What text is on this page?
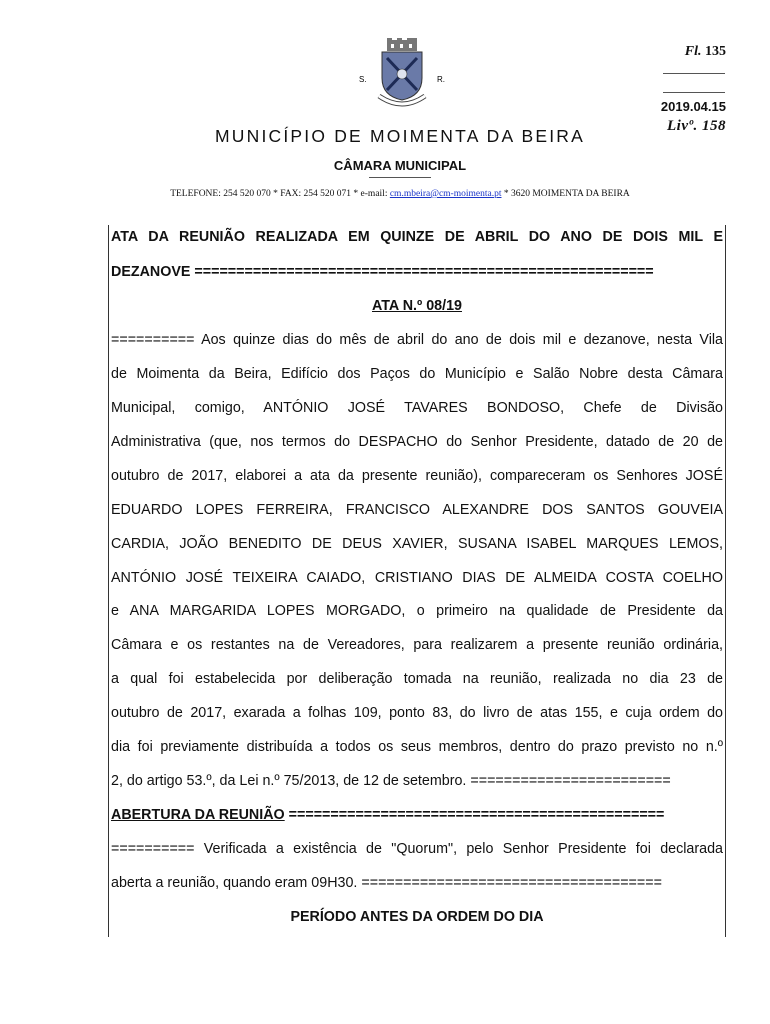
S.	R.
Fl. 135
2019.04.15
Livº. 158
MUNICÍPIO DE MOIMENTA DA BEIRA
CÂMARA MUNICIPAL
TELEFONE: 254 520 070 * FAX: 254 520 071 * e-mail: cm.mbeira@cm-moimenta.pt * 3620 MOIMENTA DA BEIRA
ATA DA REUNIÃO REALIZADA EM QUINZE DE ABRIL DO ANO DE DOIS MIL E
DEZANOVE =======================================================
ATA N.º 08/19
========== Aos quinze dias do mês de abril do ano de dois mil e dezanove, nesta Vila
de Moimenta da Beira, Edifício dos Paços do Município e Salão Nobre desta Câmara
Municipal, comigo, ANTÓNIO JOSÉ TAVARES BONDOSO, Chefe de Divisão
Administrativa (que, nos termos do DESPACHO do Senhor Presidente, datado de 20 de
outubro de 2017, elaborei a ata da presente reunião), compareceram os Senhores JOSÉ
EDUARDO LOPES FERREIRA, FRANCISCO ALEXANDRE DOS SANTOS GOUVEIA
CARDIA, JOÃO BENEDITO DE DEUS XAVIER, SUSANA ISABEL MARQUES LEMOS,
ANTÓNIO JOSÉ TEIXEIRA CAIADO, CRISTIANO DIAS DE ALMEIDA COSTA COELHO
e ANA MARGARIDA LOPES MORGADO, o primeiro na qualidade de Presidente da
Câmara e os restantes na de Vereadores, para realizarem a presente reunião ordinária,
a qual foi estabelecida por deliberação tomada na reunião, realizada no dia 23 de
outubro de 2017, exarada a folhas 109, ponto 83, do livro de atas 155, e cuja ordem do
dia foi previamente distribuída a todos os seus membros, dentro do prazo previsto no n.º
2, do artigo 53.º, da Lei n.º 75/2013, de 12 de setembro. ========================
ABERTURA DA REUNIÃO =============================================
========== Verificada a existência de "Quorum", pelo Senhor Presidente foi declarada
aberta a reunião, quando eram 09H30. ====================================
PERÍODO ANTES DA ORDEM DO DIA
